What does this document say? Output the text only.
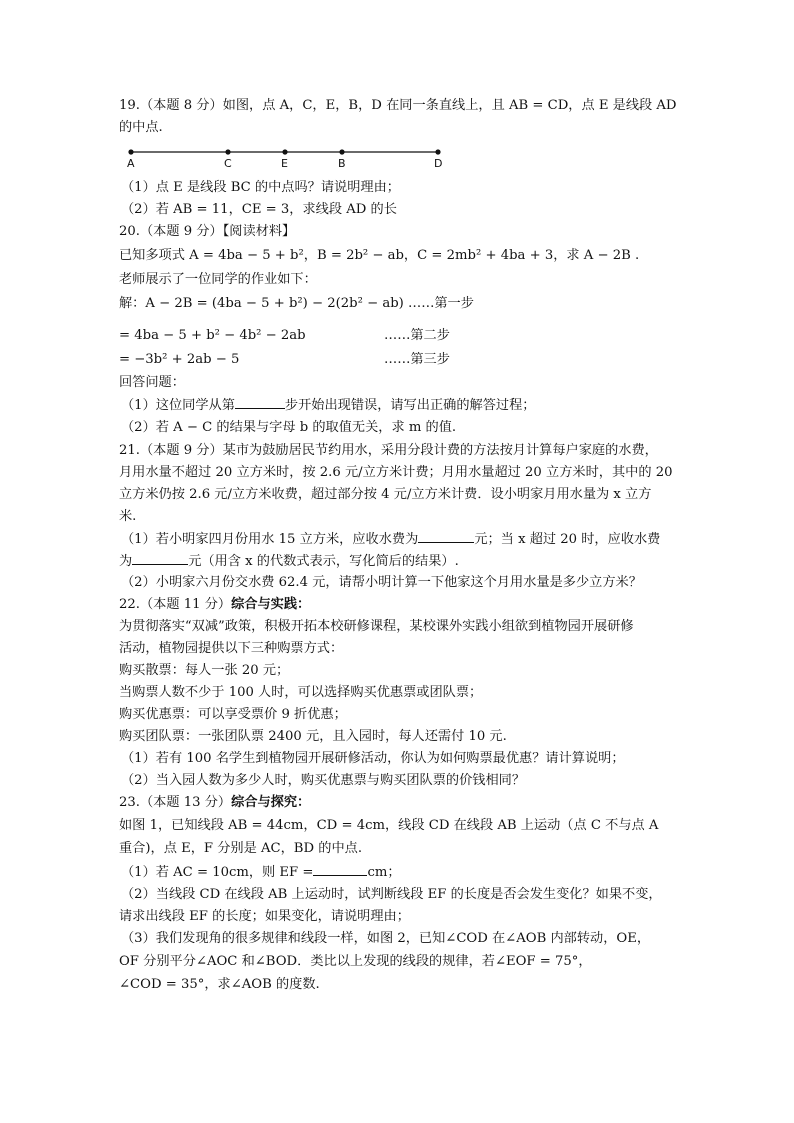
19.（本题 8 分）如图，点 A，C，E，B，D 在同一条直线上，且 AB = CD，点 E 是线段 AD
的中点.
A	C	E	B	D
（1）点 E 是线段 BC 的中点吗？请说明理由；
（2）若 AB = 11，CE = 3，求线段 AD 的长
20.（本题 9 分）【阅读材料】
已知多项式 A = 4ba − 5 + b²，B = 2b² − ab，C = 2mb² + 4ba + 3，求 A − 2B .
老师展示了一位同学的作业如下：
解：A − 2B = (4ba − 5 + b²) − 2(2b² − ab) ……第一步
= 4ba − 5 + b² − 4b² − 2ab	……第二步
= −3b² + 2ab − 5	……第三步
回答问题：
（1）这位同学从第	步开始出现错误，请写出正确的解答过程；
（2）若 A − C 的结果与字母 b 的取值无关，求 m 的值.
21.（本题 9 分）某市为鼓励居民节约用水，采用分段计费的方法按月计算每户家庭的水费，
月用水量不超过 20 立方米时，按 2.6 元/立方米计费；月用水量超过 20 立方米时，其中的 20
立方米仍按 2.6 元/立方米收费，超过部分按 4 元/立方米计费．设小明家月用水量为 x 立方
米.
（1）若小明家四月份用水 15 立方米，应收水费为	元；当 x 超过 20 时，应收水费
为	元（用含 x 的代数式表示，写化简后的结果）.
（2）小明家六月份交水费 62.4 元，请帮小明计算一下他家这个月用水量是多少立方米？
22.（本题 11 分）综合与实践：
为贯彻落实“双减”政策，积极开拓本校研修课程，某校课外实践小组欲到植物园开展研修
活动，植物园提供以下三种购票方式：
购买散票：每人一张 20 元；
当购票人数不少于 100 人时，可以选择购买优惠票或团队票；
购买优惠票：可以享受票价 9 折优惠；
购买团队票：一张团队票 2400 元，且入园时，每人还需付 10 元.
（1）若有 100 名学生到植物园开展研修活动，你认为如何购票最优惠？请计算说明；
（2）当入园人数为多少人时，购买优惠票与购买团队票的价钱相同？
23.（本题 13 分）综合与探究：
如图 1，已知线段 AB = 44cm，CD = 4cm，线段 CD 在线段 AB 上运动（点 C 不与点 A
重合)，点 E，F 分别是 AC，BD 的中点.
（1）若 AC = 10cm，则 EF =	cm；
（2）当线段 CD 在线段 AB 上运动时，试判断线段 EF 的长度是否会发生变化？如果不变，
请求出线段 EF 的长度；如果变化，请说明理由；
（3）我们发现角的很多规律和线段一样，如图 2，已知∠COD 在∠AOB 内部转动，OE，
OF 分别平分∠AOC 和∠BOD．类比以上发现的线段的规律，若∠EOF = 75°，
∠COD = 35°，求∠AOB 的度数.
